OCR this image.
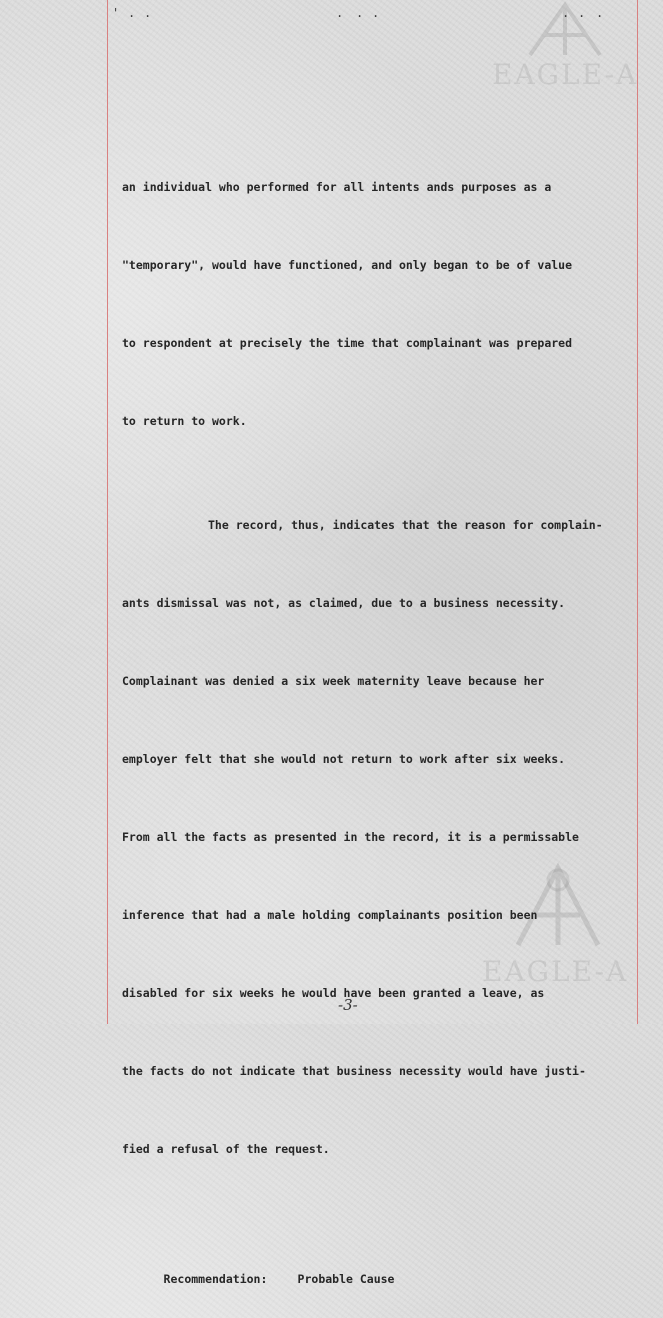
EAGLE-A
EAGLE-A
' . .	. . .	. . .

an individual who performed for all intents ands purposes as a

"temporary", would have functioned, and only began to be of value

to respondent at precisely the time that complainant was prepared

to return to work.

The record, thus, indicates that the reason for complain-

ants dismissal was not, as claimed, due to a business necessity.

Complainant was denied a six week maternity leave because her

employer felt that she would not return to work after six weeks.

From all the facts as presented in the record, it is a permissable

inference that had a male holding complainants position been

disabled for six weeks he would have been granted a leave, as

the facts do not indicate that business necessity would have justi-

fied a refusal of the request.

Recommendation:	Probable Cause

-3-
